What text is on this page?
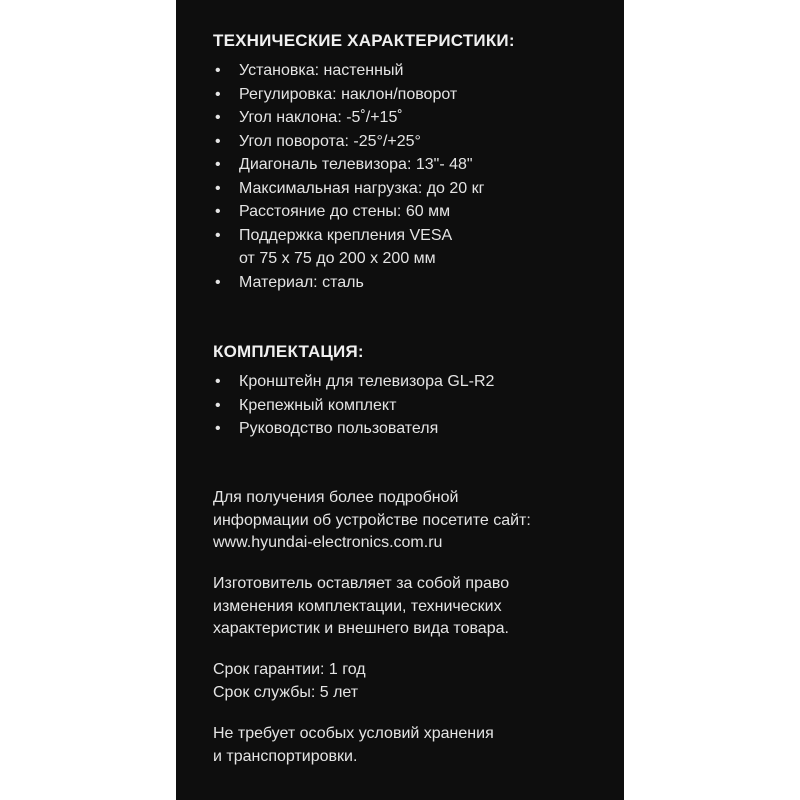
ТЕХНИЧЕСКИЕ ХАРАКТЕРИСТИКИ:
• Установка: настенный
• Регулировка: наклон/поворот
• Угол наклона: -5˚/+15˚
• Угол поворота: -25°/+25°
• Диагональ телевизора: 13"- 48"
• Максимальная нагрузка: до 20 кг
• Расстояние до стены: 60 мм
• Поддержка крепления VESA
от 75 х 75 до 200 х 200 мм
• Материал: сталь
КОМПЛЕКТАЦИЯ:
• Кронштейн для телевизора GL-R2
• Крепежный комплект
• Руководство пользователя

Для получения более подробной

информации об устройстве посетите сайт:

www.hyundai-electronics.com.ru

Изготовитель оставляет за собой право

изменения комплектации, технических

характеристик и внешнего вида товара.

Срок гарантии: 1 год

Срок службы: 5 лет

Не требует особых условий хранения

и транспортировки.
